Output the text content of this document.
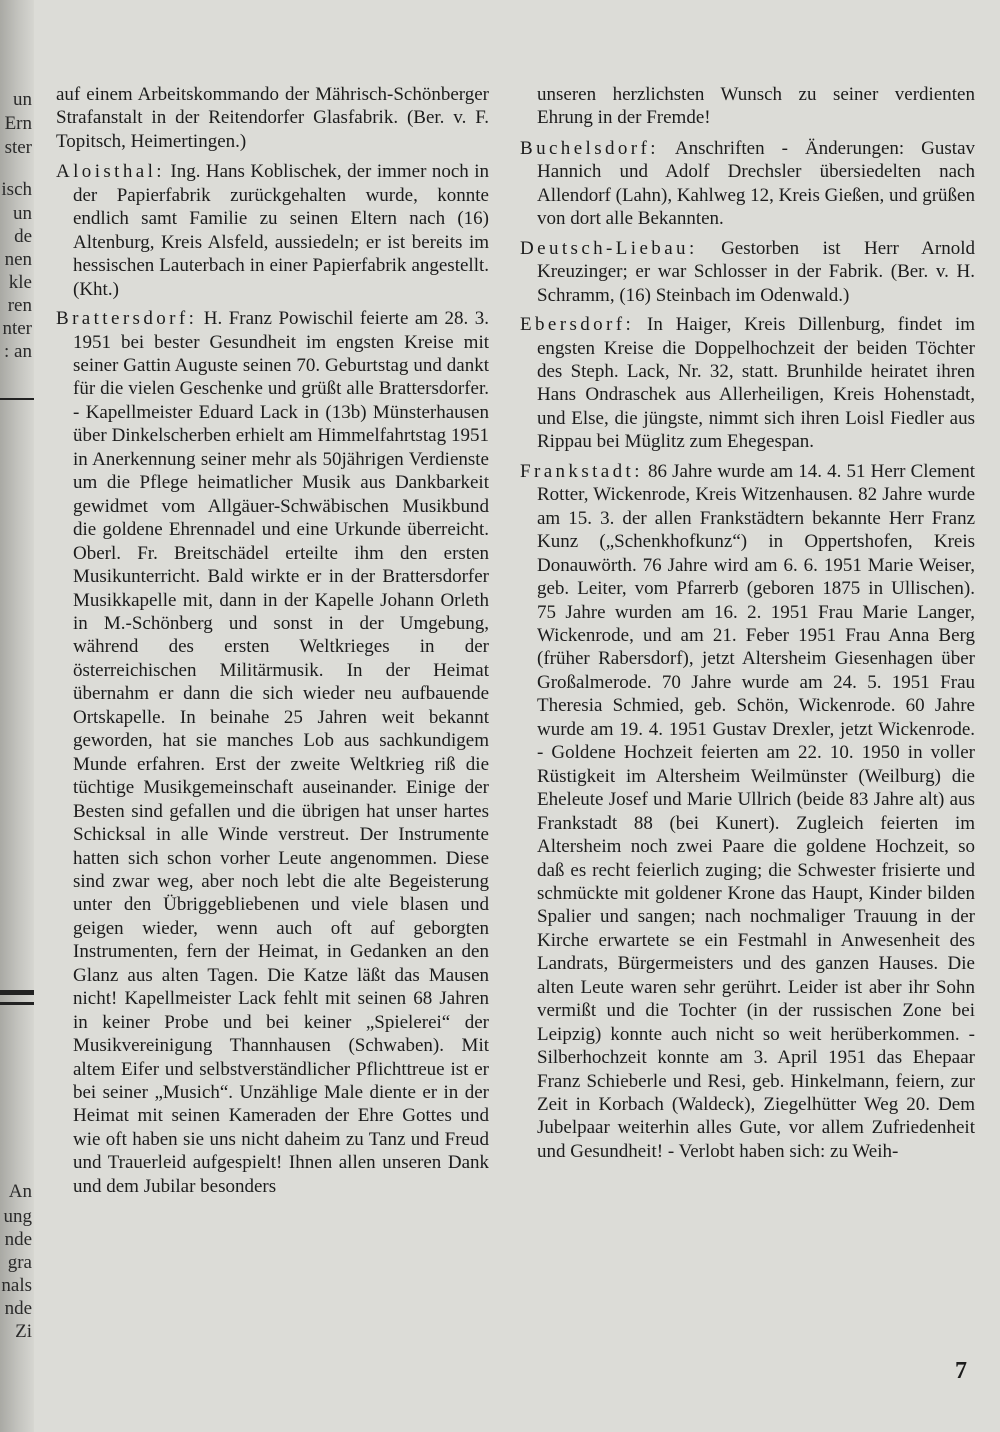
un
Ern
ster
isch
un
de
nen
kle
ren
nter
: an
An
ung
nde
gra
nals
nde
Zi

auf einem Arbeitskommando der Mährisch-Schönberger Strafanstalt in der Reitendorfer Glasfabrik. (Ber. v. F. Topitsch, Heimertingen.)

Aloisthal: Ing. Hans Koblischek, der immer noch in der Papierfabrik zurückgehalten wurde, konnte endlich samt Familie zu seinen Eltern nach (16) Altenburg, Kreis Alsfeld, aussiedeln; er ist bereits im hessischen Lauterbach in einer Papierfabrik angestellt. (Kht.)

Brattersdorf: H. Franz Powischil feierte am 28. 3. 1951 bei bester Gesundheit im engsten Kreise mit seiner Gattin Auguste seinen 70. Geburtstag und dankt für die vielen Geschenke und grüßt alle Brattersdorfer. - Kapellmeister Eduard Lack in (13b) Münsterhausen über Dinkelscherben erhielt am Himmelfahrtstag 1951 in Anerkennung seiner mehr als 50jährigen Verdienste um die Pflege heimatlicher Musik aus Dankbarkeit gewidmet vom Allgäuer-Schwäbischen Musikbund die goldene Ehrennadel und eine Urkunde überreicht. Oberl. Fr. Breitschädel erteilte ihm den ersten Musikunterricht. Bald wirkte er in der Brattersdorfer Musikkapelle mit, dann in der Kapelle Johann Orleth in M.-Schönberg und sonst in der Umgebung, während des ersten Weltkrieges in der österreichischen Militärmusik. In der Heimat übernahm er dann die sich wieder neu aufbauende Ortskapelle. In beinahe 25 Jahren weit bekannt geworden, hat sie manches Lob aus sachkundigem Munde erfahren. Erst der zweite Weltkrieg riß die tüchtige Musikgemeinschaft auseinander. Einige der Besten sind gefallen und die übrigen hat unser hartes Schicksal in alle Winde verstreut. Der Instrumente hatten sich schon vorher Leute angenommen. Diese sind zwar weg, aber noch lebt die alte Begeisterung unter den Übriggebliebenen und viele blasen und geigen wieder, wenn auch oft auf geborgten Instrumenten, fern der Heimat, in Gedanken an den Glanz aus alten Tagen. Die Katze läßt das Mausen nicht! Kapellmeister Lack fehlt mit seinen 68 Jahren in keiner Probe und bei keiner „Spielerei“ der Musikvereinigung Thannhausen (Schwaben). Mit altem Eifer und selbstverständlicher Pflichttreue ist er bei seiner „Musich“. Unzählige Male diente er in der Heimat mit seinen Kameraden der Ehre Gottes und wie oft haben sie uns nicht daheim zu Tanz und Freud und Trauerleid aufgespielt! Ihnen allen unseren Dank und dem Jubilar besonders

unseren herzlichsten Wunsch zu seiner verdienten Ehrung in der Fremde!

Buchelsdorf: Anschriften - Änderungen: Gustav Hannich und Adolf Drechsler übersiedelten nach Allendorf (Lahn), Kahlweg 12, Kreis Gießen, und grüßen von dort alle Bekannten.

Deutsch-Liebau: Gestorben ist Herr Arnold Kreuzinger; er war Schlosser in der Fabrik. (Ber. v. H. Schramm, (16) Steinbach im Odenwald.)

Ebersdorf: In Haiger, Kreis Dillenburg, findet im engsten Kreise die Doppelhochzeit der beiden Töchter des Steph. Lack, Nr. 32, statt. Brunhilde heiratet ihren Hans Ondraschek aus Allerheiligen, Kreis Hohenstadt, und Else, die jüngste, nimmt sich ihren Loisl Fiedler aus Rippau bei Müglitz zum Ehegespan.

Frankstadt: 86 Jahre wurde am 14. 4. 51 Herr Clement Rotter, Wickenrode, Kreis Witzenhausen. 82 Jahre wurde am 15. 3. der allen Frankstädtern bekannte Herr Franz Kunz („Schenkhofkunz“) in Oppertshofen, Kreis Donauwörth. 76 Jahre wird am 6. 6. 1951 Marie Weiser, geb. Leiter, vom Pfarrerb (geboren 1875 in Ullischen). 75 Jahre wurden am 16. 2. 1951 Frau Marie Langer, Wickenrode, und am 21. Feber 1951 Frau Anna Berg (früher Rabersdorf), jetzt Altersheim Giesenhagen über Großalmerode. 70 Jahre wurde am 24. 5. 1951 Frau Theresia Schmied, geb. Schön, Wickenrode. 60 Jahre wurde am 19. 4. 1951 Gustav Drexler, jetzt Wickenrode. - Goldene Hochzeit feierten am 22. 10. 1950 in voller Rüstigkeit im Altersheim Weilmünster (Weilburg) die Eheleute Josef und Marie Ullrich (beide 83 Jahre alt) aus Frankstadt 88 (bei Kunert). Zugleich feierten im Altersheim noch zwei Paare die goldene Hochzeit, so daß es recht feierlich zuging; die Schwester frisierte und schmückte mit goldener Krone das Haupt, Kinder bilden Spalier und sangen; nach nochmaliger Trauung in der Kirche erwartete se ein Festmahl in Anwesenheit des Landrats, Bürgermeisters und des ganzen Hauses. Die alten Leute waren sehr gerührt. Leider ist aber ihr Sohn vermißt und die Tochter (in der russischen Zone bei Leipzig) konnte auch nicht so weit herüberkommen. - Silberhochzeit konnte am 3. April 1951 das Ehepaar Franz Schieberle und Resi, geb. Hinkelmann, feiern, zur Zeit in Korbach (Waldeck), Ziegelhütter Weg 20. Dem Jubelpaar weiterhin alles Gute, vor allem Zufriedenheit und Gesundheit! - Verlobt haben sich: zu Weih-

7
